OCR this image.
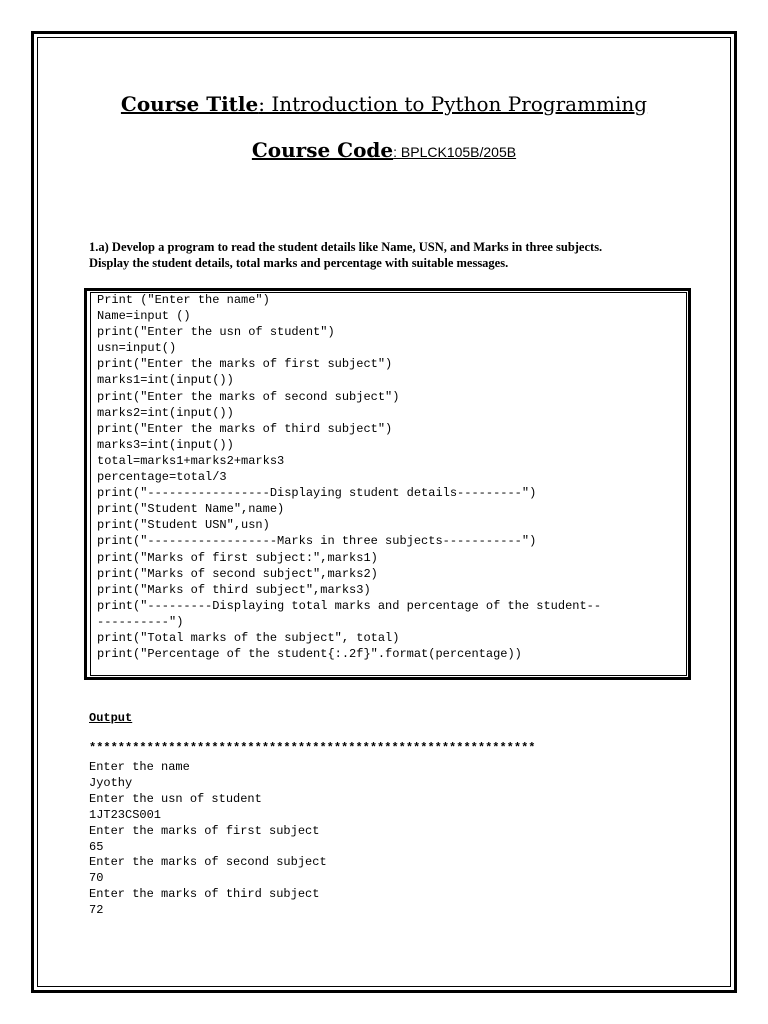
Course Title: Introduction to Python Programming
Course Code: BPLCK105B/205B
1.a) Develop a program to read the student details like Name, USN, and Marks in three subjects.
Display the student details, total marks and percentage with suitable messages.
Print ("Enter the name")
Name=input ()
print("Enter the usn of student")
usn=input()
print("Enter the marks of first subject")
marks1=int(input())
print("Enter the marks of second subject")
marks2=int(input())
print("Enter the marks of third subject")
marks3=int(input())
total=marks1+marks2+marks3
percentage=total/3
print("-----------------Displaying student details---------")
print("Student Name",name)
print("Student USN",usn)
print("------------------Marks in three subjects-----------")
print("Marks of first subject:",marks1)
print("Marks of second subject",marks2)
print("Marks of third subject",marks3)
print("---------Displaying total marks and percentage of the student--
----------")
print("Total marks of the subject", total)
print("Percentage of the student{:.2f}".format(percentage))
Output
**************************************************************
Enter the name
Jyothy
Enter the usn of student
1JT23CS001
Enter the marks of first subject
65
Enter the marks of second subject
70
Enter the marks of third subject
72
